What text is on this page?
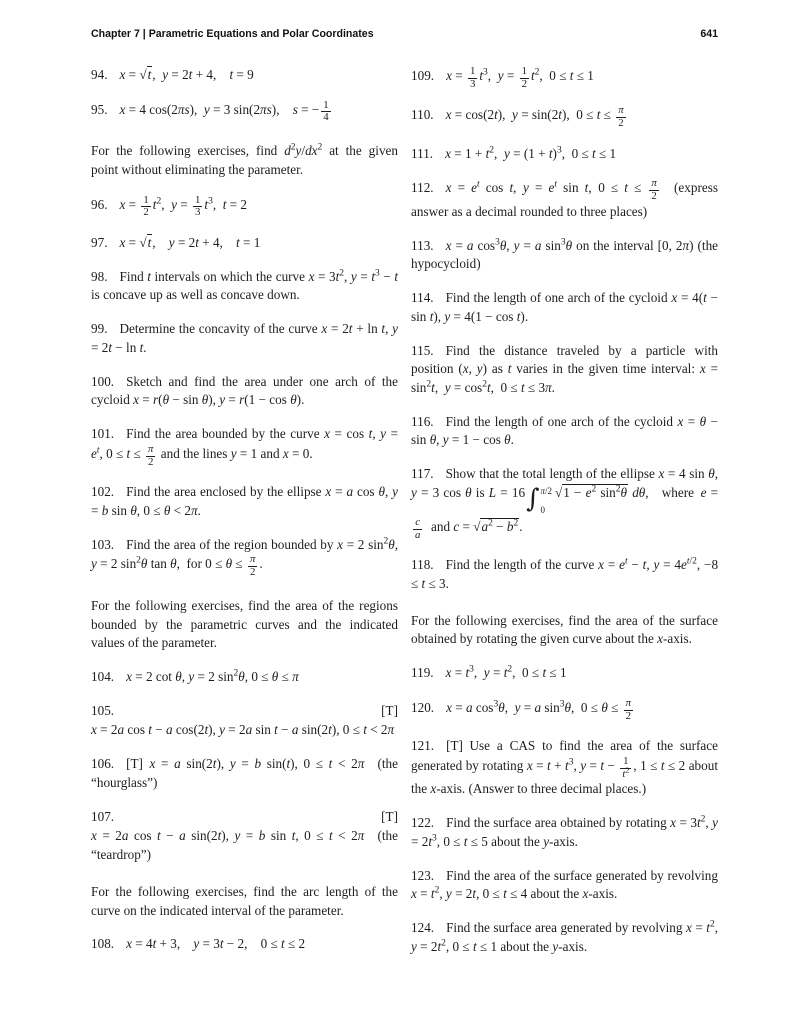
Chapter 7 | Parametric Equations and Polar Coordinates	641
94. x = √t, y = 2t + 4, t = 9
95. x = 4 cos(2πs), y = 3 sin(2πs), s = − $\frac{1}{4}$

For the following exercises, find $d^2y/dx^2$ at the given point without eliminating the parameter.

96. $x = \frac{1}{2} t^2$, $y = \frac{1}{3} t^3$, t = 2
97. x = √t, y = 2t + 4, t = 1
98. Find t intervals on which the curve $x = 3t^2$, $y = t^3 - t$ is concave up as well as concave down.
99. Determine the concavity of the curve x = 2t + ln t, y = 2t − ln t.
100. Sketch and find the area under one arch of the cycloid x = r(θ − sin θ), y = r(1 − cos θ).
101. Find the area bounded by the curve x = cos t, $y = e^t$, $0 \le t \le \frac{\pi}{2}$ and the lines y = 1 and x = 0.
102. Find the area enclosed by the ellipse x = a cos θ, y = b sin θ, 0 ≤ θ < 2π.
103. Find the area of the region bounded by x = 2 $\sin^2\theta$, y = 2 $\sin^2\theta$ tan θ, for $0 \le \theta \le \frac{\pi}{2}$ .

For the following exercises, find the area of the regions bounded by the parametric curves and the indicated values of the parameter.

104. x = 2 cot θ, y = 2 $\sin^2\theta$, 0 ≤ θ ≤ π
105.	[T]
x = 2a cos t − a cos(2t), y = 2a sin t − a sin(2t), 0 ≤ t < 2π
106. [T] x = a sin(2t), y = b sin(t), 0 ≤ t < 2π (the “hourglass”)
107.	[T]
x = 2a cos t − a sin(2t), y = b sin t, 0 ≤ t < 2π (the “teardrop”)

For the following exercises, find the arc length of the curve on the indicated interval of the parameter.

108. x = 4t + 3, y = 3t − 2, 0 ≤ t ≤ 2
109. $x = \frac{1}{3} t^3$, $y = \frac{1}{2} t^2$, 0 ≤ t ≤ 1
110. x = cos(2t), y = sin(2t), $0 \le t \le \frac{\pi}{2}$
111. $x = 1 + t^2$, $y = (1 + t)^3$, 0 ≤ t ≤ 1
112. $x = e^t$ cos t, $y = e^t$ sin t, $0 \le t \le \frac{\pi}{2}$  (express answer as a decimal rounded to three places)
113. x = a $\cos^3\theta$, y = a $\sin^3\theta$ on the interval [0, 2π) (the hypocycloid)
114. Find the length of one arch of the cycloid x = 4(t − sin t), y = 4(1 − cos t).
115. Find the distance traveled by a particle with position (x, y) as t varies in the given time interval: $x = \sin^2t$, $y = \cos^2t$, 0 ≤ t ≤ 3π.
116. Find the length of one arch of the cycloid x = θ − sin θ, y = 1 − cos θ.
117. Show that the total length of the ellipse x = 4 sin θ, y = 3 cos θ is L = 16 ∫ π/2
0
$√1 - e^2$ $\sin^2\theta$ dθ, where e =
$\frac{c}{a}$  and $c = √a^2 - b^2$.
118. Find the length of the curve $x = e^t - t$, $y = 4e^{t/2}$, −8 ≤ t ≤ 3.

For the following exercises, find the area of the surface obtained by rotating the given curve about the x-axis.

119. $x = t^3$, $y = t^2$, 0 ≤ t ≤ 1
120. x = a $\cos^3\theta$, y = a $\sin^3\theta$, $0 \le \theta \le \frac{\pi}{2}$
121. [T] Use a CAS to find the area of the surface generated by rotating $x = t + t^3$, $y = t - \frac{1}{t^2}$ , 1 ≤ t ≤ 2 about the x-axis. (Answer to three decimal places.)
122. Find the surface area obtained by rotating $x = 3t^2$, $y = 2t^3$, 0 ≤ t ≤ 5 about the y-axis.
123. Find the area of the surface generated by revolving $x = t^2$, y = 2t, 0 ≤ t ≤ 4 about the x-axis.
124. Find the surface area generated by revolving $x = t^2$, $y = 2t^2$, 0 ≤ t ≤ 1 about the y-axis.
